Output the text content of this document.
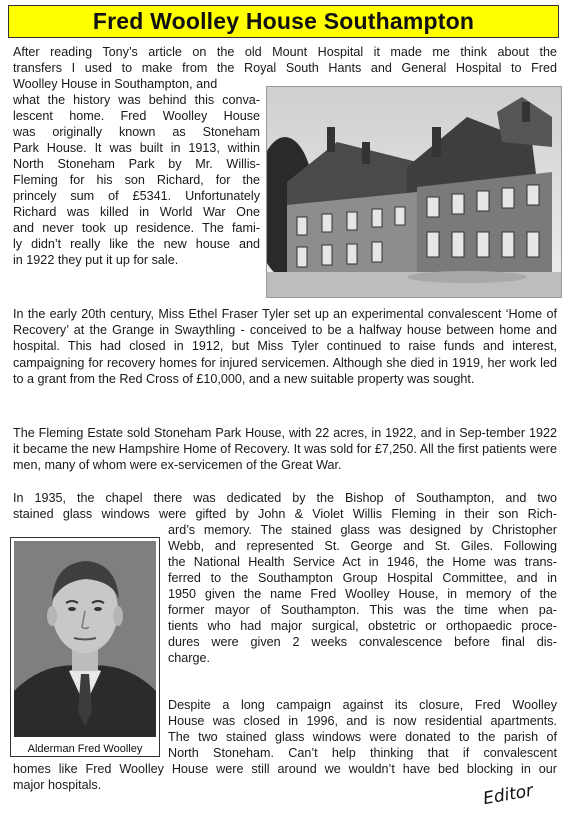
Fred Woolley House Southampton

After reading Tony’s article on the old Mount Hospital it made me think about the

transfers I used to make from the Royal South Hants and General Hospital to Fred

Woolley House in Southampton, and

what the history was behind this conva-

lescent home. Fred Woolley House

was originally known as Stoneham

Park House. It was built in 1913, within

North Stoneham Park by Mr. Willis-

Fleming for his son Richard, for the

princely sum of £5341. Unfortunately

Richard was killed in World War One

and never took up residence. The fami-

ly didn’t really like the new house and

in 1922 they put it up for sale.

In the early 20th century, Miss Ethel Fraser Tyler set up an experimental convalescent ‘Home of Recovery’ at the Grange in Swaythling - conceived to be a halfway house between home and hospital. This had closed in 1912, but Miss Tyler continued to raise funds and interest, campaigning for recovery homes for injured servicemen. Although she died in 1919, her work led to a grant from the Red Cross of £10,000, and a new suitable property was sought.

The Fleming Estate sold Stoneham Park House, with 22 acres, in 1922, and in Sep-tember 1922 it became the new Hampshire Home of Recovery. It was sold for £7,250. All the first patients were men, many of whom were ex-servicemen of the Great War.

In 1935, the chapel there was dedicated by the Bishop of Southampton, and two

stained glass windows were gifted by John & Violet Willis Fleming in their son Rich-

ard’s memory. The stained glass was designed by Christopher

Webb, and represented St. George and St. Giles. Following

the National Health Service Act in 1946, the Home was trans-

ferred to the Southampton Group Hospital Committee, and in

1950 given the name Fred Woolley House, in memory of the

former mayor of Southampton. This was the time when pa-

tients who had major surgical, obstetric or orthopaedic proce-

dures were given 2 weeks convalescence before final dis-

charge.

Despite a long campaign against its closure, Fred Woolley

House was closed in 1996, and is now residential apartments.

The two stained glass windows were donated to the parish of

North Stoneham. Can’t help thinking that if convalescent

homes like Fred Woolley House were still around we wouldn’t have bed blocking in our

major hospitals.

Alderman Fred Woolley
Editor
